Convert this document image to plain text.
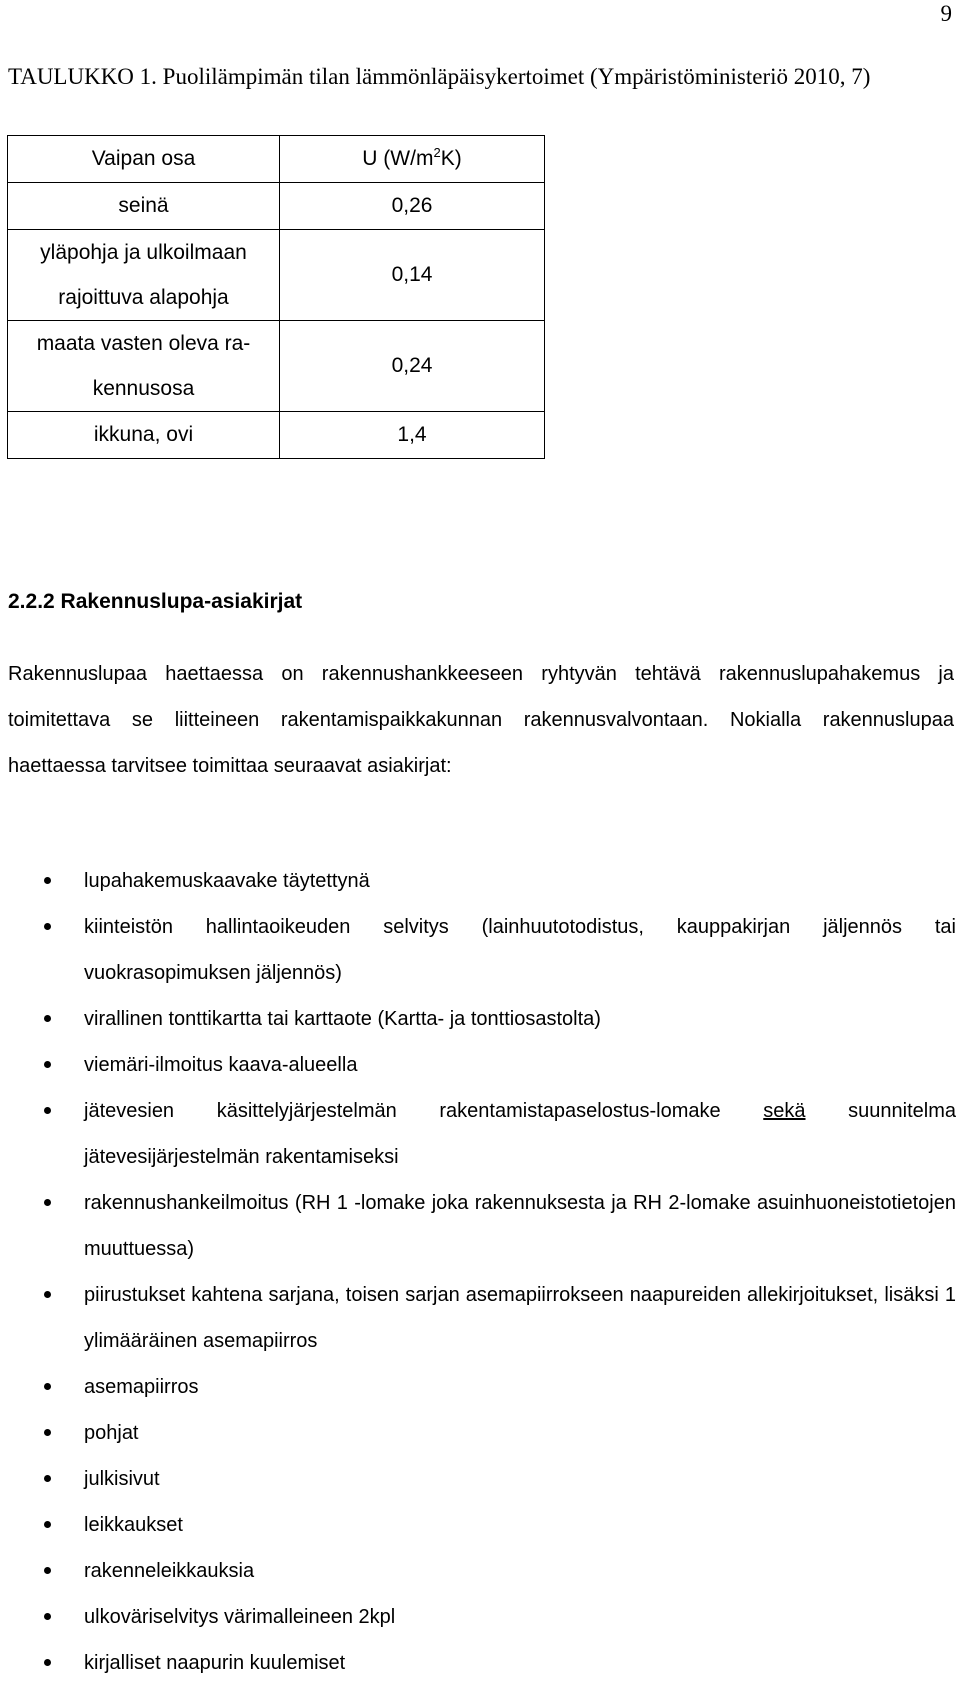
9
TAULUKKO 1. Puolilämpimän tilan lämmönläpäisykertoimet (Ympäristöministeriö 2010, 7)
Vaipan osa	U $(W/m^2K)$
seinä	0,26
yläpohja ja ulkoilmaan
rajoittuva alapohja	0,14
maata vasten oleva ra-
kennusosa	0,24
ikkuna, ovi	1,4
2.2.2 Rakennuslupa-asiakirjat
Rakennuslupaa haettaessa on rakennushankkeeseen ryhtyvän tehtävä rakennuslupahakemus ja toimitettava se liitteineen rakentamispaikkakunnan rakennusvalvontaan. Nokialla rakennuslupaa haettaessa tarvitsee toimittaa seuraavat asiakirjat:
lupahakemuskaavake täytettynä
kiinteistön hallintaoikeuden selvitys (lainhuutotodistus, kauppakirjan jäljennös tai vuokrasopimuksen jäljennös)
virallinen tonttikartta tai karttaote (Kartta- ja tonttiosastolta)
viemäri-ilmoitus kaava-alueella
jätevesien käsittelyjärjestelmän rakentamistapaselostus-lomake sekä suunnitelma jätevesijärjestelmän rakentamiseksi
rakennushankeilmoitus (RH 1 -lomake joka rakennuksesta ja RH 2-lomake asuinhuoneistotietojen muuttuessa)
piirustukset kahtena sarjana, toisen sarjan asemapiirrokseen naapureiden allekirjoitukset, lisäksi 1 ylimääräinen asemapiirros
asemapiirros
pohjat
julkisivut
leikkaukset
rakenneleikkauksia
ulkoväriselvitys värimalleineen 2kpl
kirjalliset naapurin kuulemiset
